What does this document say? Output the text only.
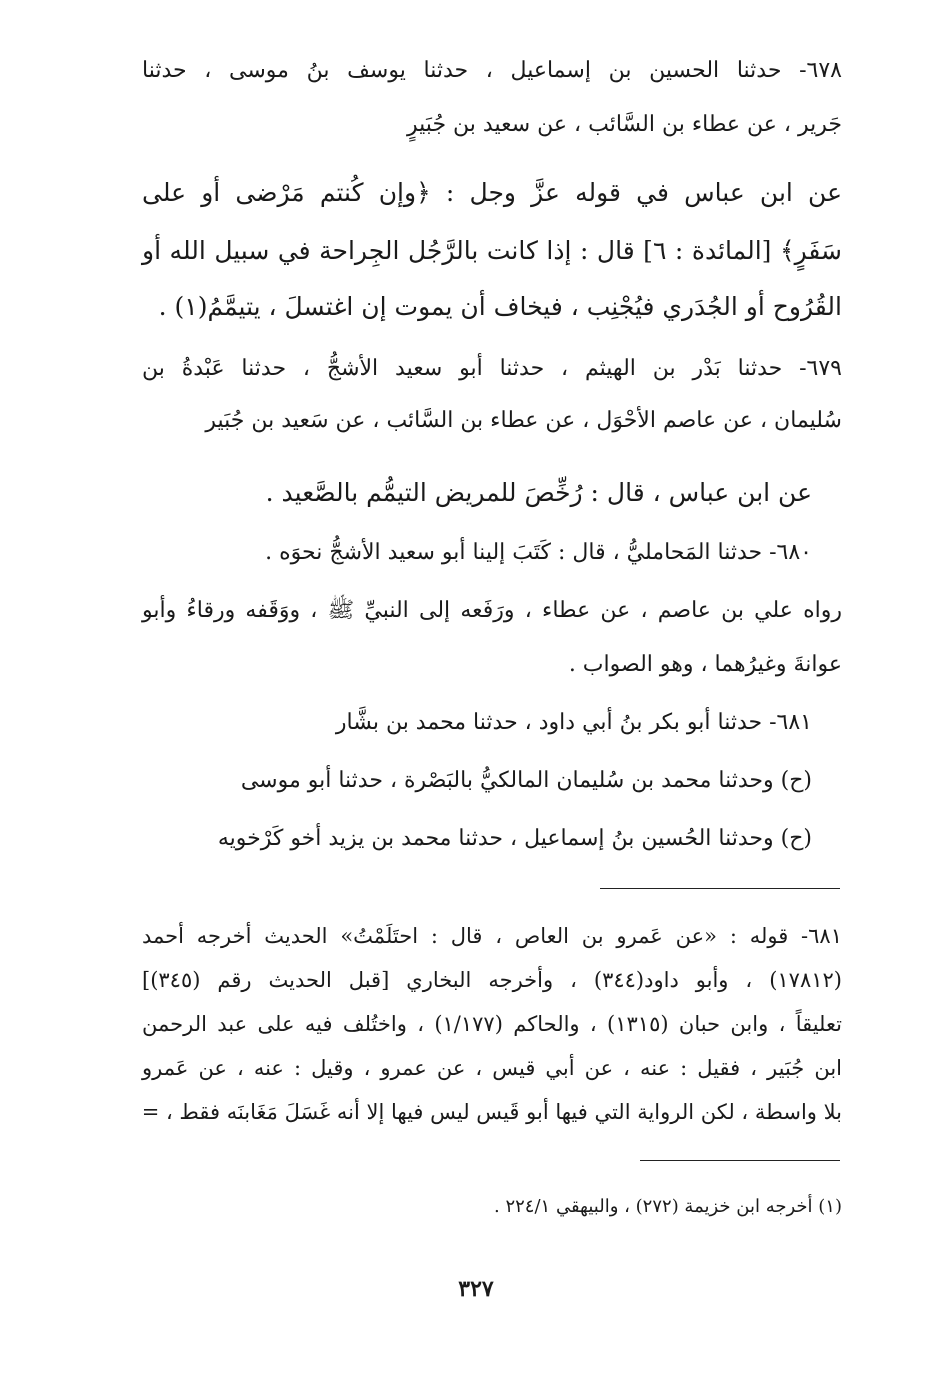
٦٧٨- حدثنا الحسين بن إسماعيل ، حدثنا يوسف بنُ موسى ، حدثنا
جَرير ، عن عطاء بن السَّائب ، عن سعيد بن جُبَيرٍ
عن ابن عباس في قوله عزَّ وجل : ﴿وإن كُنتم مَرْضى أو على
سَفَرٍ﴾ [المائدة : ٦] قال : إذا كانت بالرَّجُل الجِراحة في سبيل الله أو
القُرُوح أو الجُدَري فيُجْنِب ، فيخاف أن يموت إن اغتسلَ ، يتيمَّمُ(١) .
٦٧٩- حدثنا بَدْر بن الهيثم ، حدثنا أبو سعيد الأشجُّ ، حدثنا عَبْدةُ بن
سُليمان ، عن عاصم الأحْوَل ، عن عطاء بن السَّائب ، عن سَعيد بن جُبَير
عن ابن عباس ، قال : رُخِّصَ للمريض التيمُّم بالصَّعيد .
٦٨٠- حدثنا المَحامليُّ ، قال : كَتَبَ إلينا أبو سعيد الأشجُّ نحوَه .
رواه علي بن عاصم ، عن عطاء ، ورَفَعه إلى النبيِّ ﷺ ، ووَقَفه ورقاءُ وأبو
عوانةَ وغيرُهما ، وهو الصواب .
٦٨١- حدثنا أبو بكر بنُ أبي داود ، حدثنا محمد بن بشَّار
(ح) وحدثنا محمد بن سُليمان المالكيُّ بالبَصْرة ، حدثنا أبو موسى
(ح) وحدثنا الحُسين بنُ إسماعيل ، حدثنا محمد بن يزيد أخو كَرْخويه
٦٨١- قوله : «عن عَمرو بن العاص ، قال : احتَلَمْتُ» الحديث أخرجه أحمد
(١٧٨١٢) ، وأبو داود(٣٤٤) ، وأخرجه البخاري [قبل الحديث رقم (٣٤٥)]
تعليقاً ، وابن حبان (١٣١٥) ، والحاكم (١/١٧٧) ، واختُلف فيه على عبد الرحمن
ابن جُبَير ، فقيل : عنه ، عن أبي قيس ، عن عمرو ، وقيل : عنه ، عن عَمرو
بلا واسطة ، لكن الرواية التي فيها أبو قَيس ليس فيها إلا أنه غَسَلَ مَغَابنَه فقط ، =
(١) أخرجه ابن خزيمة (٢٧٢) ، والبيهقي ٢٢٤/١ .
٣٢٧
